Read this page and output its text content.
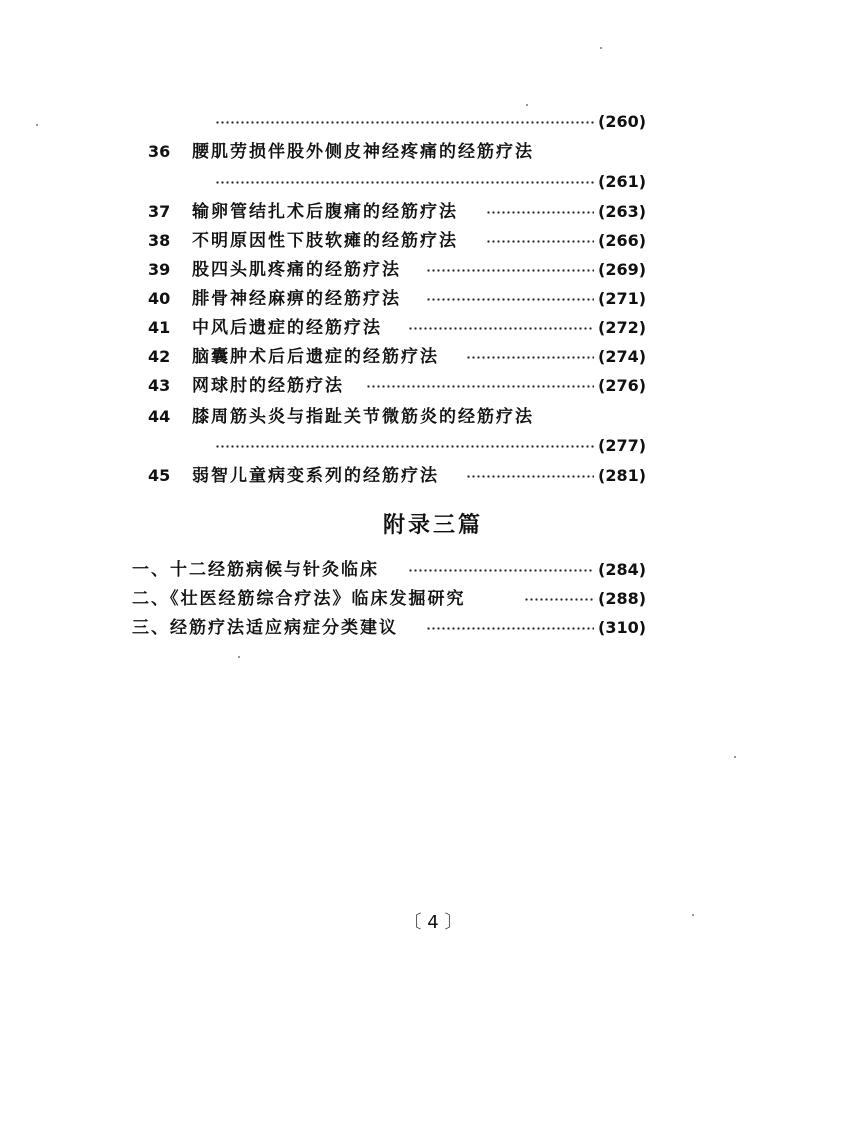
(260)
36	腰肌劳损伴股外侧皮神经疼痛的经筋疗法
(261)
37	输卵管结扎术后腹痛的经筋疗法	(263)
38	不明原因性下肢软瘫的经筋疗法	(266)
39	股四头肌疼痛的经筋疗法	(269)
40	腓骨神经麻痹的经筋疗法	(271)
41	中风后遗症的经筋疗法	(272)
42	脑囊肿术后后遗症的经筋疗法	(274)
43	网球肘的经筋疗法	(276)
44	膝周筋头炎与指趾关节微筋炎的经筋疗法
(277)
45	弱智儿童病变系列的经筋疗法	(281)
附录三篇
一、十二经筋病候与针灸临床	(284)
二、《壮医经筋综合疗法》临床发掘研究	(288)
三、经筋疗法适应病症分类建议	(310)
〔 4 〕
